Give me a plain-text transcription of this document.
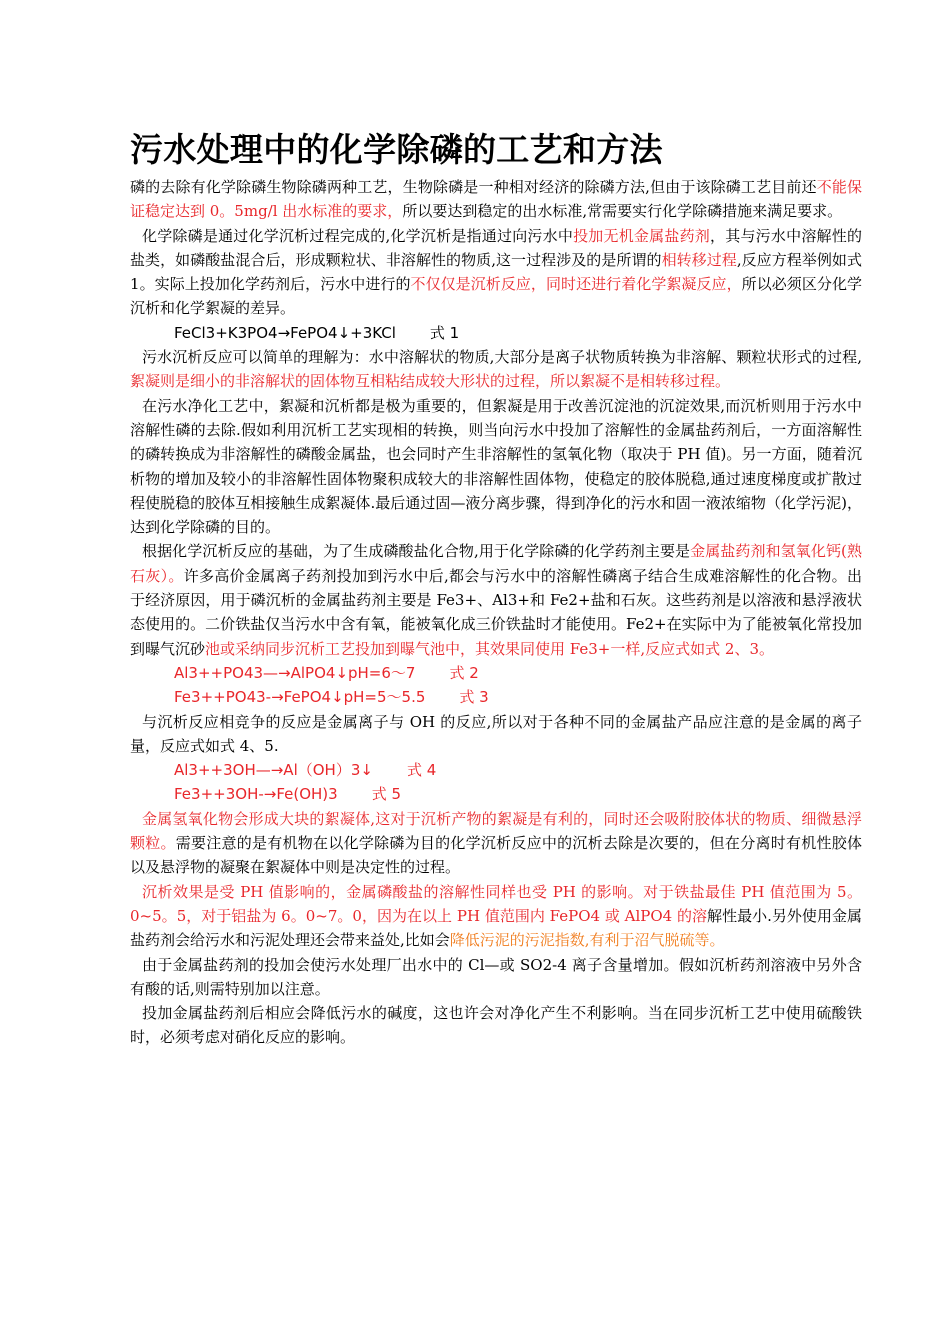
污水处理中的化学除磷的工艺和方法

磷的去除有化学除磷生物除磷两种工艺，生物除磷是一种相对经济的除磷方法,但由于该除磷工艺目前还不能保证稳定达到 0。5mg/l 出水标准的要求，所以要达到稳定的出水标准,常需要实行化学除磷措施来满足要求。

化学除磷是通过化学沉析过程完成的,化学沉析是指通过向污水中投加无机金属盐药剂，其与污水中溶解性的盐类，如磷酸盐混合后，形成颗粒状、非溶解性的物质,这一过程涉及的是所谓的相转移过程,反应方程举例如式 1。实际上投加化学药剂后，污水中进行的不仅仅是沉析反应，同时还进行着化学絮凝反应，所以必须区分化学沉析和化学絮凝的差异。

FeCl3+K3PO4→FePO4↓+3KCl 式 1

污水沉析反应可以简单的理解为：水中溶解状的物质,大部分是离子状物质转换为非溶解、颗粒状形式的过程,絮凝则是细小的非溶解状的固体物互相粘结成较大形状的过程，所以絮凝不是相转移过程。

在污水净化工艺中，絮凝和沉析都是极为重要的，但絮凝是用于改善沉淀池的沉淀效果,而沉析则用于污水中溶解性磷的去除.假如利用沉析工艺实现相的转换，则当向污水中投加了溶解性的金属盐药剂后，一方面溶解性的磷转换成为非溶解性的磷酸金属盐，也会同时产生非溶解性的氢氧化物（取决于 PH 值)。另一方面，随着沉析物的增加及较小的非溶解性固体物聚积成较大的非溶解性固体物，使稳定的胶体脱稳,通过速度梯度或扩散过程使脱稳的胶体互相接触生成絮凝体.最后通过固—液分离步骤，得到净化的污水和固一液浓缩物（化学污泥)，达到化学除磷的目的。

根据化学沉析反应的基础，为了生成磷酸盐化合物,用于化学除磷的化学药剂主要是金属盐药剂和氢氧化钙(熟石灰）。许多高价金属离子药剂投加到污水中后,都会与污水中的溶解性磷离子结合生成难溶解性的化合物。出于经济原因，用于磷沉析的金属盐药剂主要是 Fe3+、Al3+和 Fe2+盐和石灰。这些药剂是以溶液和悬浮液状态使用的。二价铁盐仅当污水中含有氧，能被氧化成三价铁盐时才能使用。Fe2+在实际中为了能被氧化常投加到曝气沉砂池或采纳同步沉析工艺投加到曝气池中，其效果同使用 Fe3+一样,反应式如式 2、3。

Al3++PO43—→AlPO4↓pH=6～7 式 2

Fe3++PO43-→FePO4↓pH=5～5.5 式 3

与沉析反应相竞争的反应是金属离子与 OH 的反应,所以对于各种不同的金属盐产品应注意的是金属的离子量，反应式如式 4、5.

Al3++3OH—→Al（OH）3↓ 式 4

Fe3++3OH-→Fe(OH)3 式 5

金属氢氧化物会形成大块的絮凝体,这对于沉析产物的絮凝是有利的，同时还会吸附胶体状的物质、细微悬浮颗粒。需要注意的是有机物在以化学除磷为目的化学沉析反应中的沉析去除是次要的，但在分离时有机性胶体以及悬浮物的凝聚在絮凝体中则是决定性的过程。

沉析效果是受 PH 值影响的，金属磷酸盐的溶解性同样也受 PH 的影响。对于铁盐最佳 PH 值范围为 5。0~5。5，对于铝盐为 6。0~7。0，因为在以上 PH 值范围内 FePO4 或 AlPO4 的溶解性最小.另外使用金属盐药剂会给污水和污泥处理还会带来益处,比如会降低污泥的污泥指数,有利于沼气脱硫等。

由于金属盐药剂的投加会使污水处理厂出水中的 Cl—或 SO2-4 离子含量增加。假如沉析药剂溶液中另外含有酸的话,则需特别加以注意。

投加金属盐药剂后相应会降低污水的碱度，这也许会对净化产生不利影响。当在同步沉析工艺中使用硫酸铁时，必须考虑对硝化反应的影响。
